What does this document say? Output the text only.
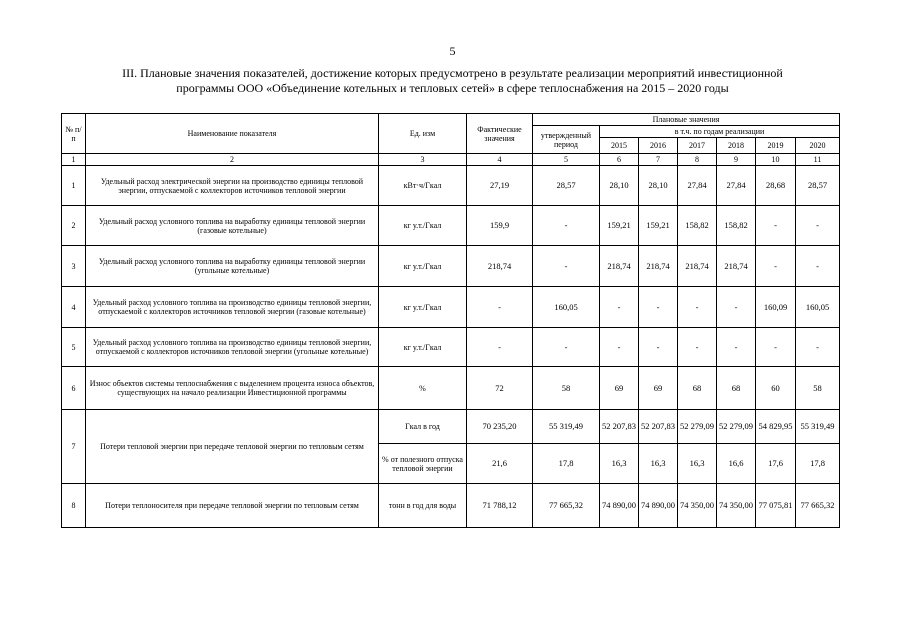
5
III. Плановые значения показателей, достижение которых предусмотрено в результате реализации мероприятий инвестиционной
программы ООО «Объединение котельных и тепловых сетей» в сфере теплоснабжения на 2015 – 2020 годы
№ п/п	Наименование показателя	Ед. изм	Фактические значения	Плановые значения						
				утвержденный период	в т.ч. по годам реализации					
					2015	2016	2017	2018	2019	2020
1	2	3	4	5	6	7	8	9	10	11
1	Удельный расход электрической энергии на производство единицы тепловой энергии, отпускаемой с коллекторов источников тепловой энергии	кВт·ч/Гкал	27,19	28,57	28,10	28,10	27,84	27,84	28,68	28,57
2	Удельный расход условного топлива на выработку единицы тепловой энергии (газовые котельные)	кг у.т./Гкал	159,9	-	159,21	159,21	158,82	158,82	-	-
3	Удельный расход условного топлива на выработку единицы тепловой энергии (угольные котельные)	кг у.т./Гкал	218,74	-	218,74	218,74	218,74	218,74	-	-
4	Удельный расход условного топлива на производство единицы тепловой энергии, отпускаемой с коллекторов источников тепловой энергии (газовые котельные)	кг у.т./Гкал	-	160,05	-	-	-	-	160,09	160,05
5	Удельный расход условного топлива на производство единицы тепловой энергии, отпускаемой с коллекторов источников тепловой энергии (угольные котельные)	кг у.т./Гкал	-	-	-	-	-	-	-	-
6	Износ объектов системы теплоснабжения с выделением процента износа объектов, существующих на начало реализации Инвестиционной программы	%	72	58	69	69	68	68	60	58
7	Потери тепловой энергии при передаче тепловой энергии по тепловым сетям	Гкал в год	70 235,20	55 319,49	52 207,83	52 207,83	52 279,09	52 279,09	54 829,95	55 319,49
		% от полезного отпуска тепловой энергии	21,6	17,8	16,3	16,3	16,3	16,6	17,6	17,8
8	Потери теплоносителя при передаче тепловой энергии по тепловым сетям	тонн в год для воды	71 788,12	77 665,32	74 890,00	74 890,00	74 350,00	74 350,00	77 075,81	77 665,32
